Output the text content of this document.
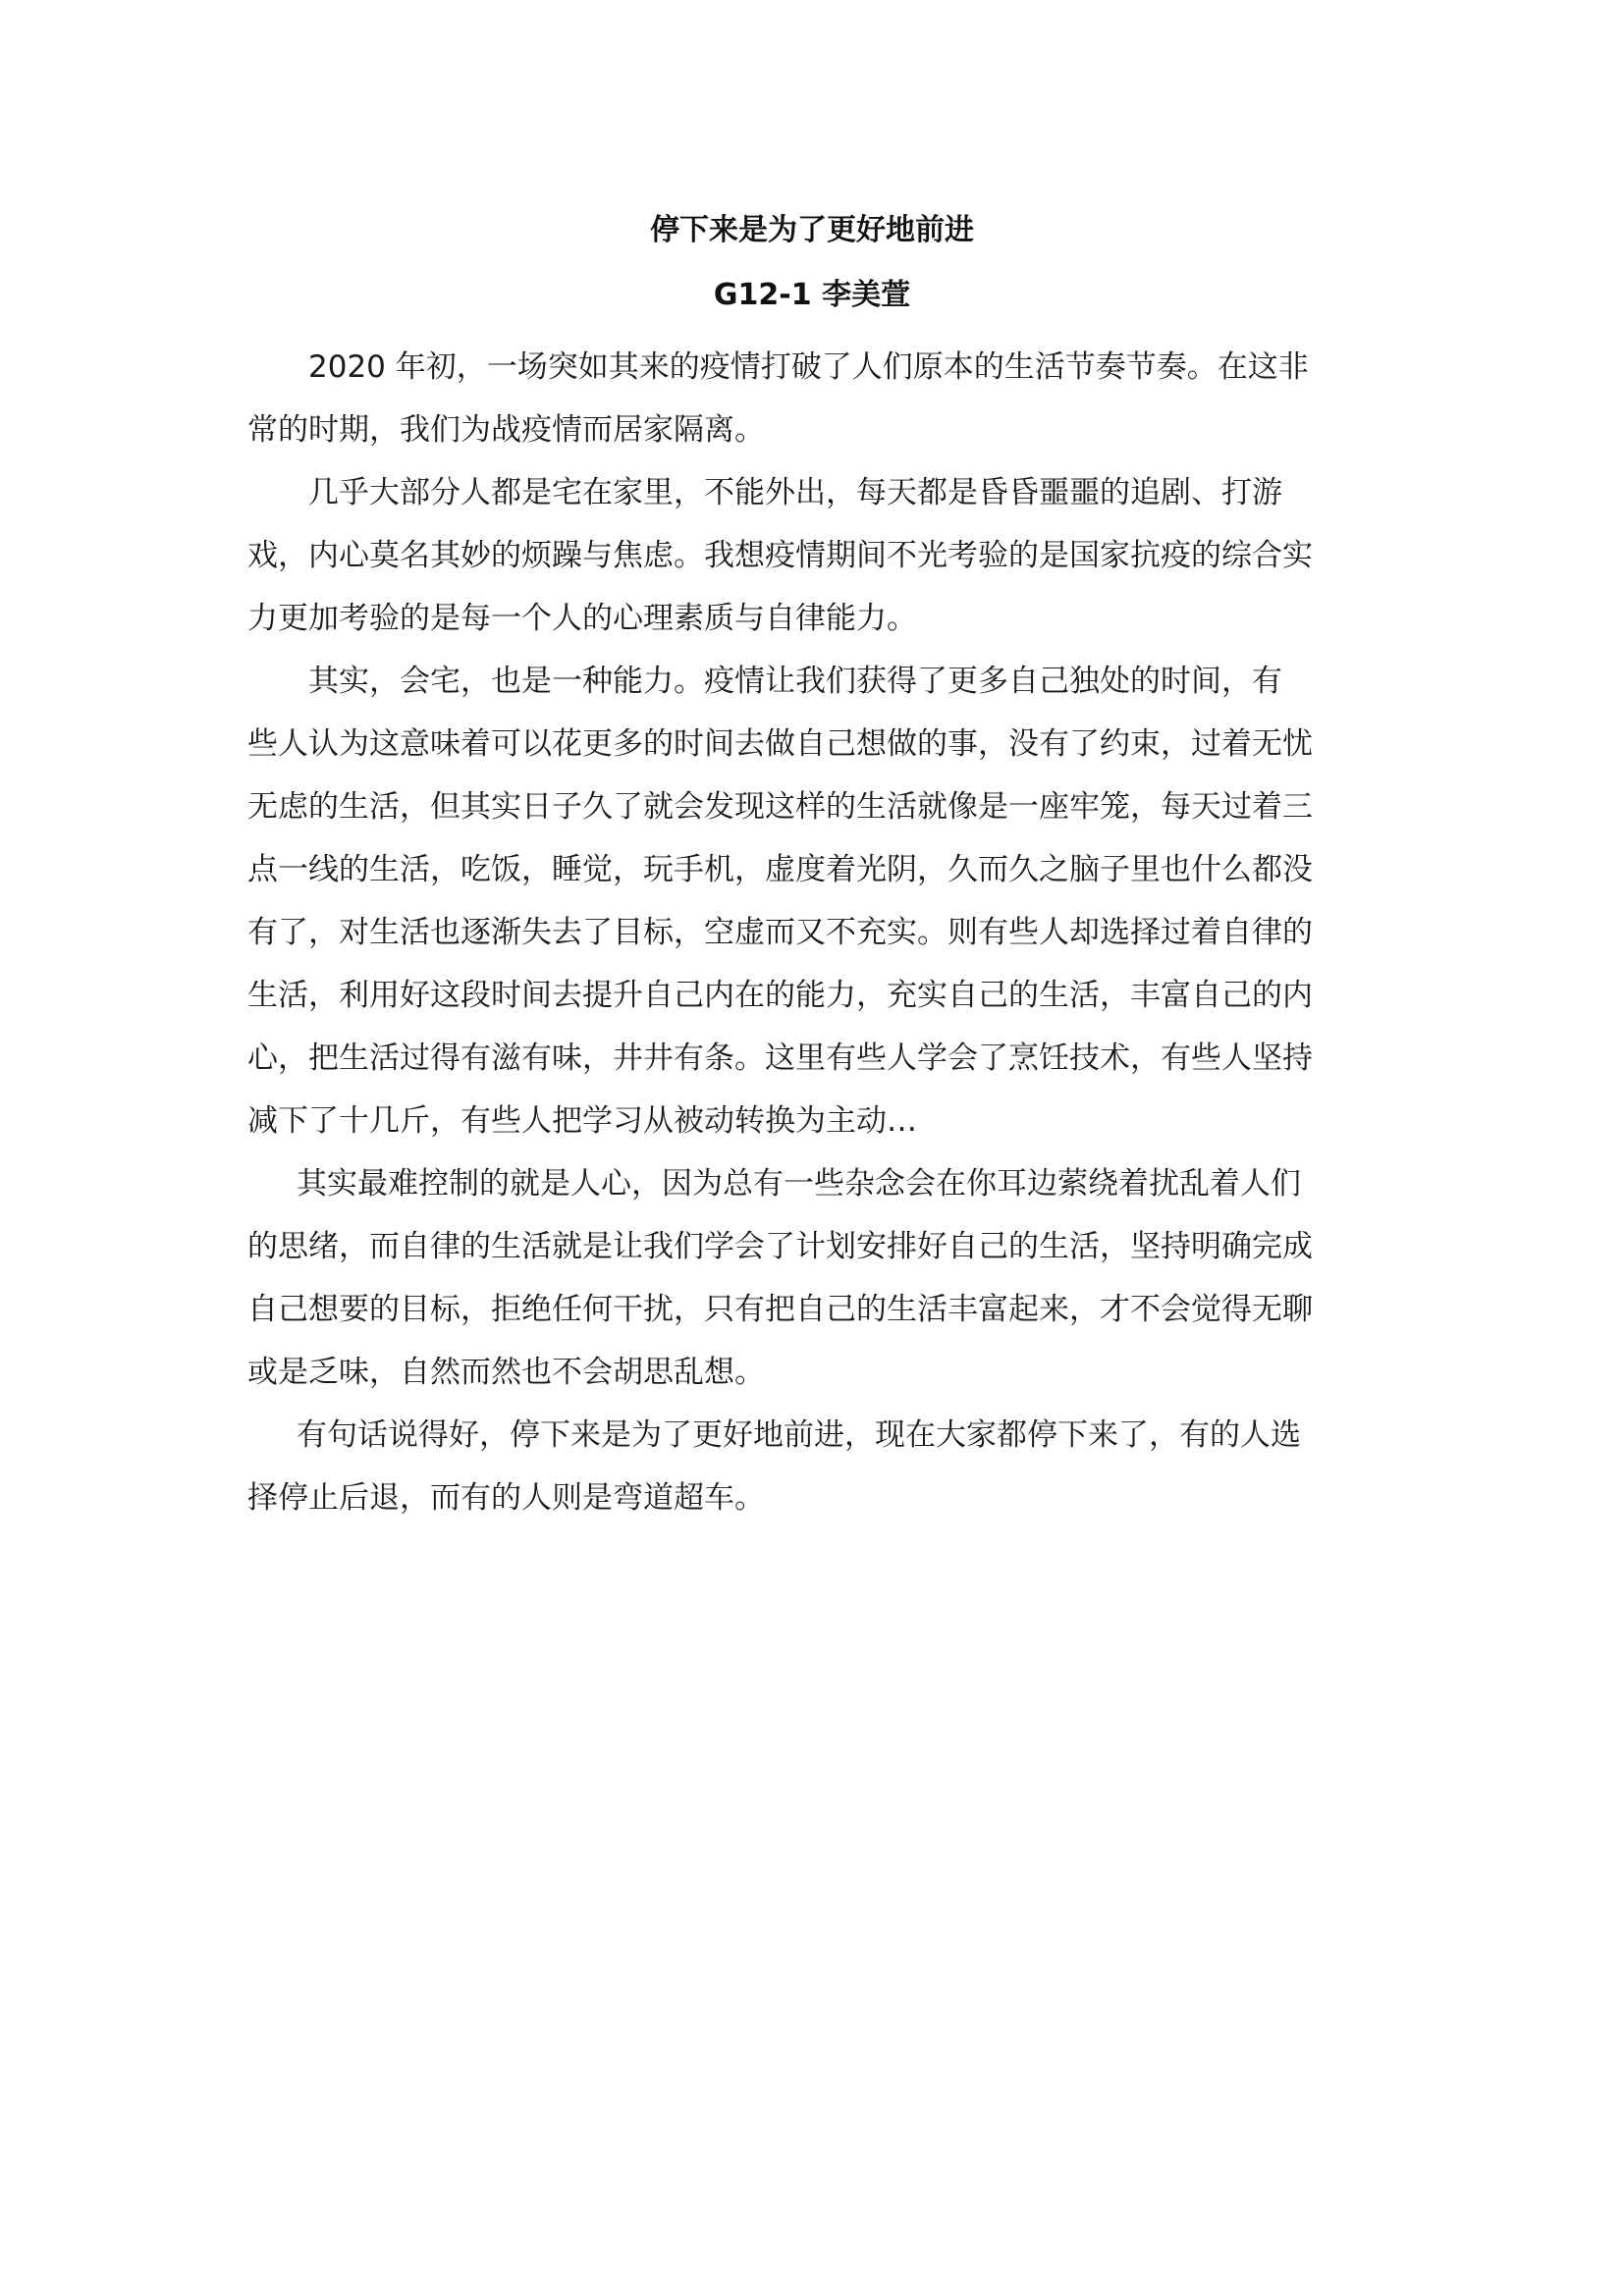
停下来是为了更好地前进
G12-1 李美萱
2020 年初，一场突如其来的疫情打破了人们原本的生活节奏节奏。在这非
常的时期，我们为战疫情而居家隔离。
几乎大部分人都是宅在家里，不能外出，每天都是昏昏噩噩的追剧、打游
戏，内心莫名其妙的烦躁与焦虑。我想疫情期间不光考验的是国家抗疫的综合实
力更加考验的是每一个人的心理素质与自律能力。
其实，会宅，也是一种能力。疫情让我们获得了更多自己独处的时间，有
些人认为这意味着可以花更多的时间去做自己想做的事，没有了约束，过着无忧
无虑的生活，但其实日子久了就会发现这样的生活就像是一座牢笼，每天过着三
点一线的生活，吃饭，睡觉，玩手机，虚度着光阴，久而久之脑子里也什么都没
有了，对生活也逐渐失去了目标，空虚而又不充实。则有些人却选择过着自律的
生活，利用好这段时间去提升自己内在的能力，充实自己的生活，丰富自己的内
心，把生活过得有滋有味，井井有条。这里有些人学会了烹饪技术，有些人坚持
减下了十几斤，有些人把学习从被动转换为主动…
其实最难控制的就是人心，因为总有一些杂念会在你耳边萦绕着扰乱着人们
的思绪，而自律的生活就是让我们学会了计划安排好自己的生活，坚持明确完成
自己想要的目标，拒绝任何干扰，只有把自己的生活丰富起来，才不会觉得无聊
或是乏味，自然而然也不会胡思乱想。
有句话说得好，停下来是为了更好地前进，现在大家都停下来了，有的人选
择停止后退，而有的人则是弯道超车。
